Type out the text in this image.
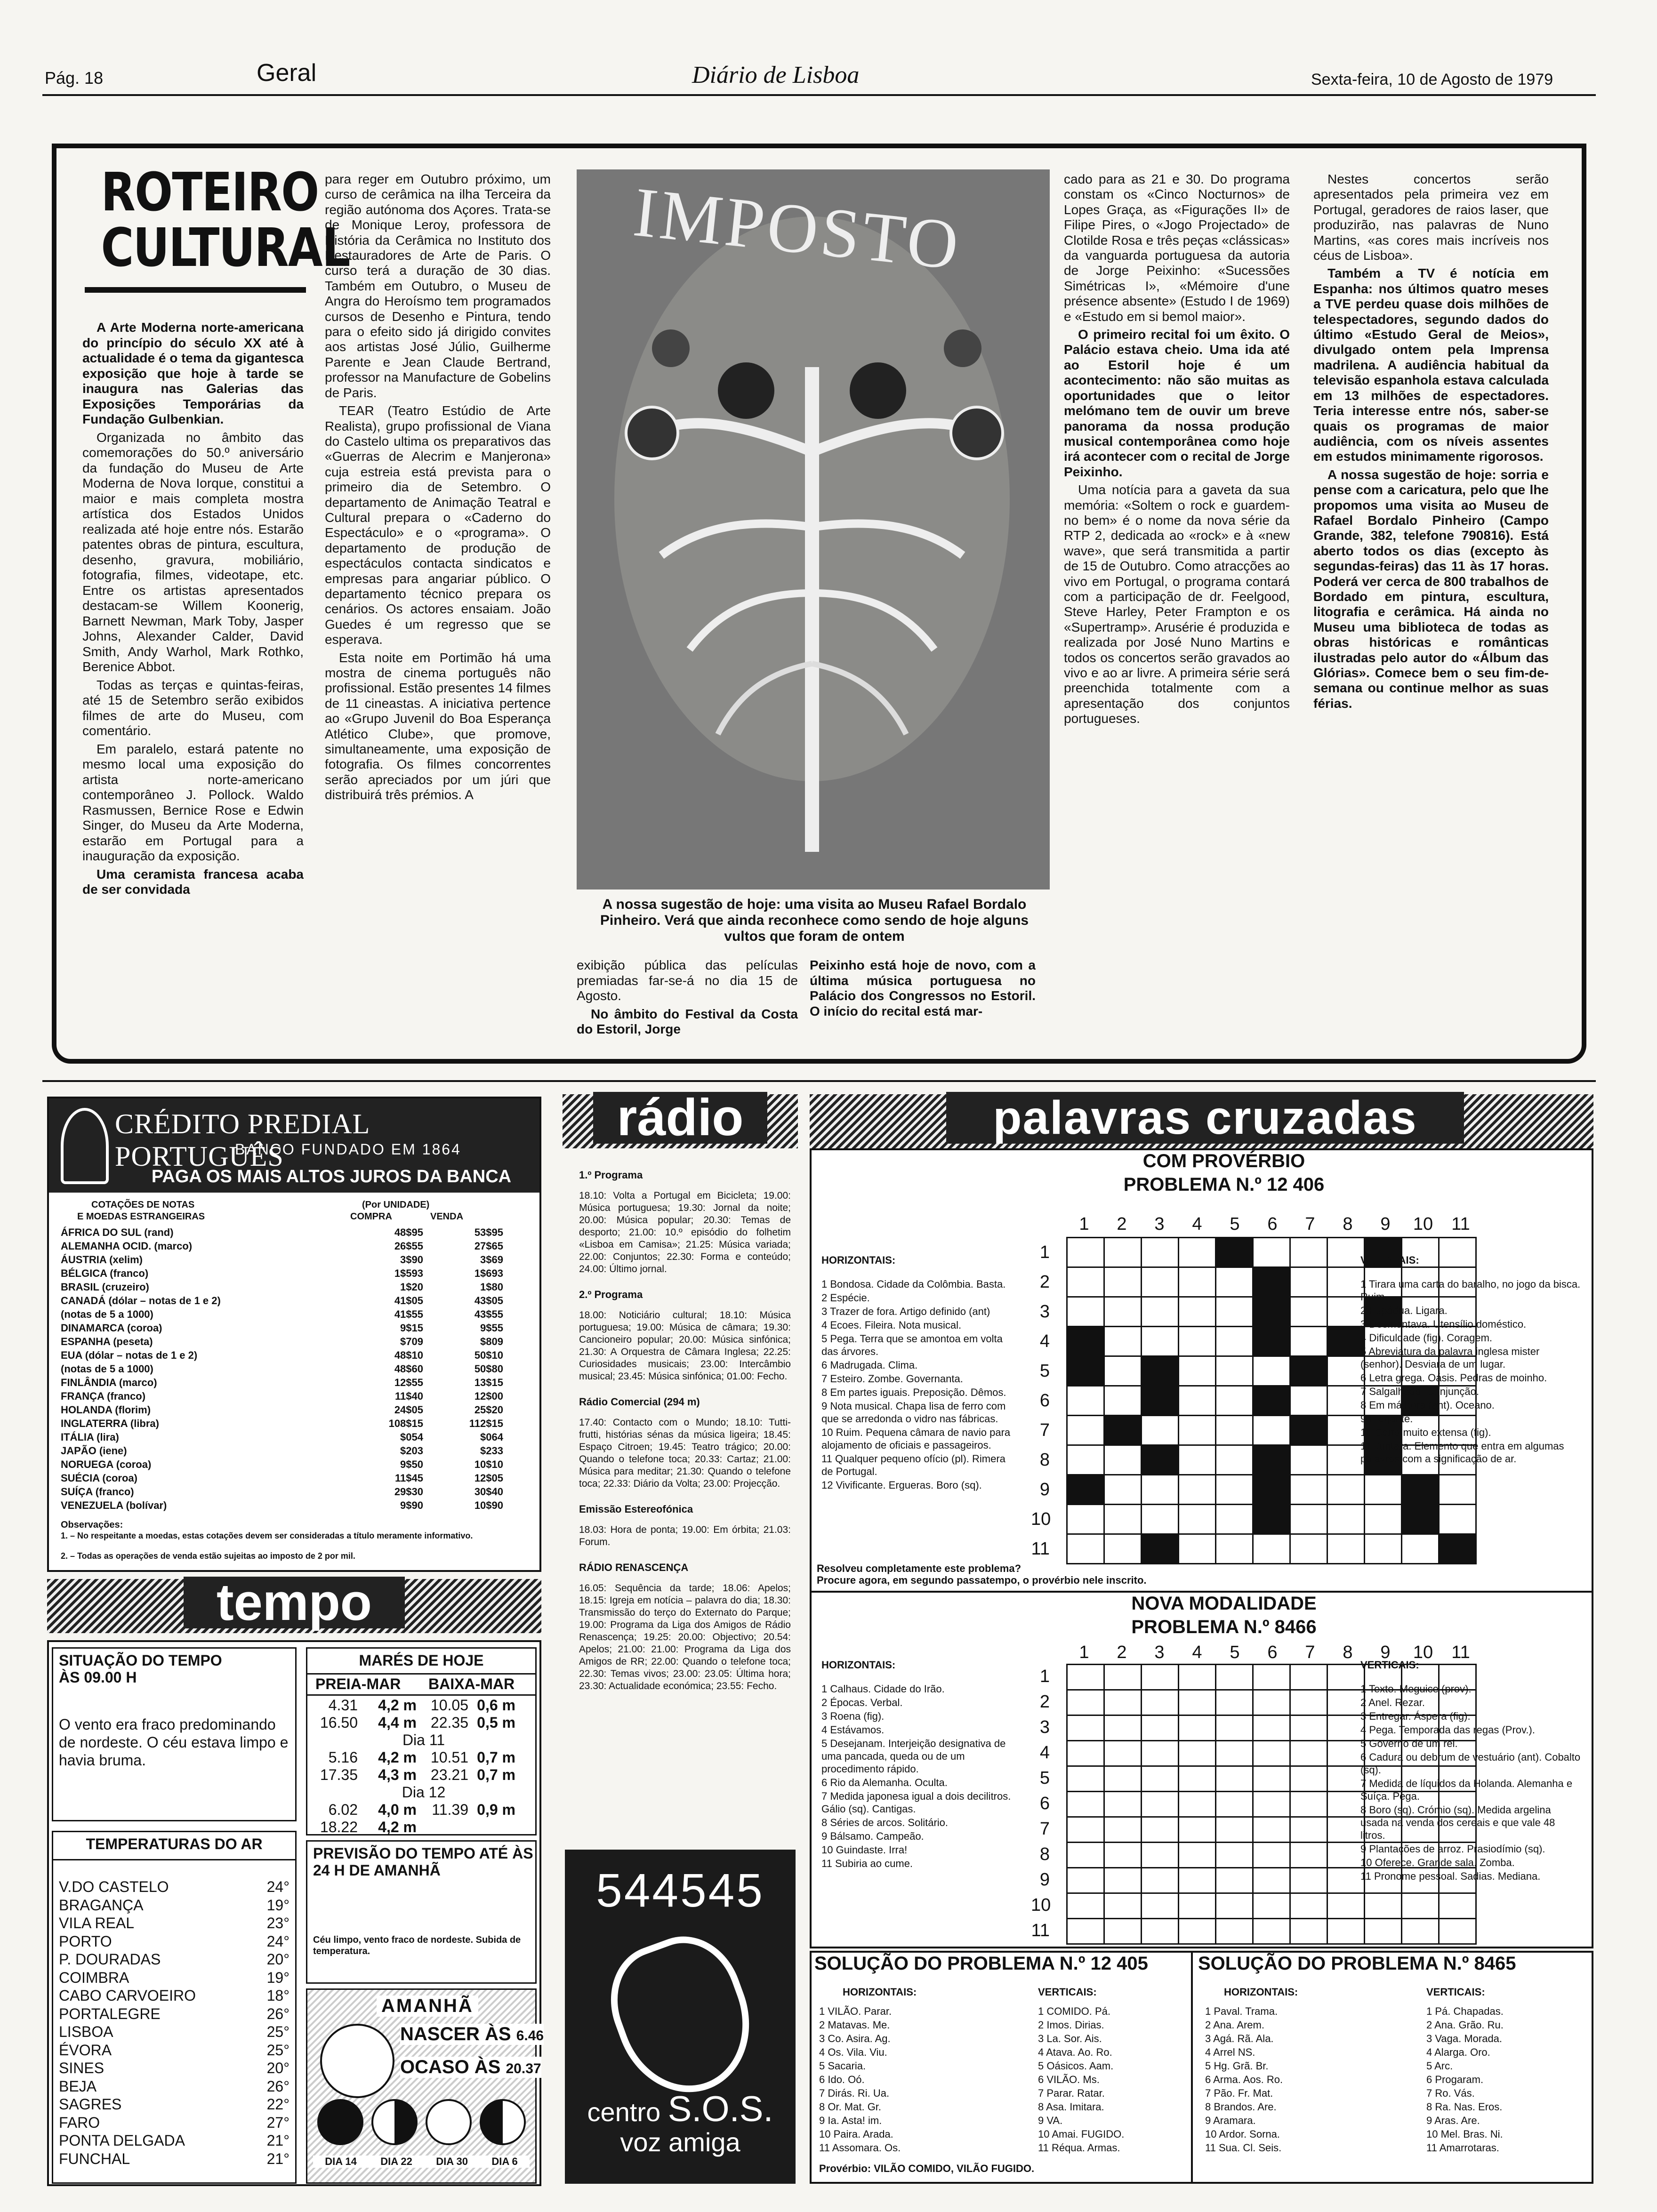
Pág. 18	Geral	Diário de Lisboa	Sexta-feira, 10 de Agosto de 1979
ROTEIRO
CULTURAL

A Arte Moderna norte-americana do princípio do século XX até à actualidade é o tema da gigantesca exposição que hoje à tarde se inaugura nas Galerias das Exposições Temporárias da Fundação Gulbenkian.

Organizada no âmbito das comemorações do 50.º aniversário da fundação do Museu de Arte Moderna de Nova Iorque, constitui a maior e mais completa mostra artística dos Estados Unidos realizada até hoje entre nós. Estarão patentes obras de pintura, escultura, desenho, gravura, mobiliário, fotografia, filmes, videotape, etc. Entre os artistas apresentados destacam-se Willem Koonerig, Barnett Newman, Mark Toby, Jasper Johns, Alexander Calder, David Smith, Andy Warhol, Mark Rothko, Berenice Abbot.

Todas as terças e quintas-feiras, até 15 de Setembro serão exibidos filmes de arte do Museu, com comentário.

Em paralelo, estará patente no mesmo local uma exposição do artista norte-americano contemporâneo J. Pollock. Waldo Rasmussen, Bernice Rose e Edwin Singer, do Museu da Arte Moderna, estarão em Portugal para a inauguração da exposição.

Uma ceramista francesa acaba de ser convidada

para reger em Outubro próximo, um curso de cerâmica na ilha Terceira da região autónoma dos Açores. Trata-se de Monique Leroy, professora de História da Cerâmica no Instituto dos Restauradores de Arte de Paris. O curso terá a duração de 30 dias. Também em Outubro, o Museu de Angra do Heroísmo tem programados cursos de Desenho e Pintura, tendo para o efeito sido já dirigido convites aos artistas José Júlio, Guilherme Parente e Jean Claude Bertrand, professor na Manufacture de Gobelins de Paris.

TEAR (Teatro Estúdio de Arte Realista), grupo profissional de Viana do Castelo ultima os preparativos das «Guerras de Alecrim e Manjerona» cuja estreia está prevista para o primeiro dia de Setembro. O departamento de Animação Teatral e Cultural prepara o «Caderno do Espectáculo» e o «programa». O departamento de produção de espectáculos contacta sindicatos e empresas para angariar público. O departamento técnico prepara os cenários. Os actores ensaiam. João Guedes é um regresso que se esperava.

Esta noite em Portimão há uma mostra de cinema português não profissional. Estão presentes 14 filmes de 11 cineastas. A iniciativa pertence ao «Grupo Juvenil do Boa Esperança Atlético Clube», que promove, simultaneamente, uma exposição de fotografia. Os filmes concorrentes serão apreciados por um júri que distribuirá três prémios. A

IMPOSTO
A nossa sugestão de hoje: uma visita ao Museu Rafael Bordalo Pinheiro. Verá que ainda reconhece como sendo de hoje alguns vultos que foram de ontem

exibição pública das películas premiadas far-se-á no dia 15 de Agosto.

No âmbito do Festival da Costa do Estoril, Jorge

Peixinho está hoje de novo, com a última música portuguesa no Palácio dos Congressos no Estoril. O início do recital está mar-

cado para as 21 e 30. Do programa constam os «Cinco Nocturnos» de Lopes Graça, as «Figurações II» de Filipe Pires, o «Jogo Projectado» de Clotilde Rosa e três peças «clássicas» da vanguarda portuguesa da autoria de Jorge Peixinho: «Sucessões Simétricas I», «Mémoire d'une présence absente» (Estudo I de 1969) e «Estudo em si bemol maior».

O primeiro recital foi um êxito. O Palácio estava cheio. Uma ida até ao Estoril hoje é um acontecimento: não são muitas as oportunidades que o leitor melómano tem de ouvir um breve panorama da nossa produção musical contemporânea como hoje irá acontecer com o recital de Jorge Peixinho.

Uma notícia para a gaveta da sua memória: «Soltem o rock e guardem-no bem» é o nome da nova série da RTP 2, dedicada ao «rock» e à «new wave», que será transmitida a partir de 15 de Outubro. Como atracções ao vivo em Portugal, o programa contará com a participação de dr. Feelgood, Steve Harley, Peter Frampton e os «Supertramp». Arusérie é produzida e realizada por José Nuno Martins e todos os concertos serão gravados ao vivo e ao ar livre. A primeira série será preenchida totalmente com a apresentação dos conjuntos portugueses.

Nestes concertos serão apresentados pela primeira vez em Portugal, geradores de raios laser, que produzirão, nas palavras de Nuno Martins, «as cores mais incríveis nos céus de Lisboa».

Também a TV é notícia em Espanha: nos últimos quatro meses a TVE perdeu quase dois milhões de telespectadores, segundo dados do último «Estudo Geral de Meios», divulgado ontem pela Imprensa madrilena. A audiência habitual da televisão espanhola estava calculada em 13 milhões de espectadores. Teria interesse entre nós, saber-se quais os programas de maior audiência, com os níveis assentes em estudos minimamente rigorosos.

A nossa sugestão de hoje: sorria e pense com a caricatura, pelo que lhe propomos uma visita ao Museu de Rafael Bordalo Pinheiro (Campo Grande, 382, telefone 790816). Está aberto todos os dias (excepto às segundas-feiras) das 11 às 17 horas. Poderá ver cerca de 800 trabalhos de Bordado em pintura, escultura, litografia e cerâmica. Há ainda no Museu uma biblioteca de todas as obras históricas e românticas ilustradas pelo autor do «Álbum das Glórias». Comece bem o seu fim-de-semana ou continue melhor as suas férias.

CRÉDITO PREDIAL PORTUGUÊS
BANCO FUNDADO EM 1864
PAGA OS MAIS ALTOS JUROS DA BANCA
COTAÇÕES DE NOTAS
E MOEDAS ESTRANGEIRAS
(Por UNIDADE)
COMPRA	VENDA
ÁFRICA DO SUL (rand)	48$95	53$95
ALEMANHA OCID. (marco)	26$55	27$65
ÁUSTRIA (xelim)	3$90	3$69
BÉLGICA (franco)	1$593	1$693
BRASIL (cruzeiro)	1$20	1$80
CANADÁ (dólar – notas de 1 e 2)	41$05	43$05
(notas de 5 a 1000)	41$55	43$55
DINAMARCA (coroa)	9$15	9$55
ESPANHA (peseta)	$709	$809
EUA (dólar – notas de 1 e 2)	48$10	50$10
(notas de 5 a 1000)	48$60	50$80
FINLÂNDIA (marco)	12$55	13$15
FRANÇA (franco)	11$40	12$00
HOLANDA (florim)	24$05	25$20
INGLATERRA (libra)	108$15	112$15
ITÁLIA (lira)	$054	$064
JAPÃO (iene)	$203	$233
NORUEGA (coroa)	9$50	10$10
SUÉCIA (coroa)	11$45	12$05
SUÍÇA (franco)	29$30	30$40
VENEZUELA (bolívar)	9$90	10$90
Observações:
1. – No respeitante a moedas, estas cotações devem ser consideradas a título meramente informativo.
2. – Todas as operações de venda estão sujeitas ao imposto de 2 por mil.
tempo
SITUAÇÃO DO TEMPO ÀS 09.00 H
O vento era fraco predominando de nordeste. O céu estava limpo e havia bruma.
TEMPERATURAS DO AR
V.DO CASTELO	24°
BRAGANÇA	19°
VILA REAL	23°
PORTO	24°
P. DOURADAS	20°
COIMBRA	19°
CABO CARVOEIRO	18°
PORTALEGRE	26°
LISBOA	25°
ÉVORA	25°
SINES	20°
BEJA	26°
SAGRES	22°
FARO	27°
PONTA DELGADA	21°
FUNCHAL	21°
MARÉS DE HOJE
PREIA-MAR BAIXA-MAR
4.31	4,2 m 10.05 0,6 m
16.50	4,4 m 22.35 0,5 m
Dia 11
5.16	4,2 m 10.51 0,7 m
17.35	4,3 m 23.21 0,7 m
Dia 12
6.02	4,0 m	11.39 0,9 m
18.22	4,2 m
PREVISÃO DO TEMPO ATÉ ÀS 24 H DE AMANHÃ
Céu limpo, vento fraco de nordeste. Subida de temperatura.
AMANHÃ
NASCER ÀS 6.46
OCASO ÀS 20.37
DIA 14 DIA 22 DIA 30 DIA 6
rádio
1.º Programa
18.10: Volta a Portugal em Bicicleta; 19.00: Música portuguesa; 19.30: Jornal da noite; 20.00: Música popular; 20.30: Temas de desporto; 21.00: 10.º episódio do folhetim «Lisboa em Camisa»; 21.25: Música variada; 22.00: Conjuntos; 22.30: Forma e conteúdo; 24.00: Último jornal.
2.º Programa
18.00: Noticiário cultural; 18.10: Música portuguesa; 19.00: Música de câmara; 19.30: Cancioneiro popular; 20.00: Música sinfónica; 21.30: A Orquestra de Câmara Inglesa; 22.25: Curiosidades musicais; 23.00: Intercâmbio musical; 23.45: Música sinfónica; 01.00: Fecho.
Rádio Comercial (294 m)
17.40: Contacto com o Mundo; 18.10: Tutti-frutti, histórias sénas da música ligeira; 18.45: Espaço Citroen; 19.45: Teatro trágico; 20.00: Quando o telefone toca; 20.33: Cartaz; 21.00: Música para meditar; 21.30: Quando o telefone toca; 22.33: Diário da Volta; 23.00: Projecção.
Emissão Estereofónica
18.03: Hora de ponta; 19.00: Em órbita; 21.03: Forum.
RÁDIO RENASCENÇA
16.05: Sequência da tarde; 18.06: Apelos; 18.15: Igreja em notícia – palavra do dia; 18.30: Transmissão do terço do Externato do Parque; 19.00: Programa da Liga dos Amigos de Rádio Renascença; 19.25: 20.00: Objectivo; 20.54: Apelos; 21.00: 21.00: Programa da Liga dos Amigos de RR; 22.00: Quando o telefone toca; 22.30: Temas vivos; 23.00: 23.05: Última hora; 23.30: Actualidade económica; 23.55: Fecho.
544545
centro S.O.S.
voz amiga
palavras cruzadas
COM PROVÉRBIO
PROBLEMA N.º 12 406
1	2	3	4	5	6	7	8	9	10	11
1
2
3
4
5
6
7
8
9
10
11

HORIZONTAIS:
1 Bondosa. Cidade da Colômbia. Basta.
2 Espécie.
3 Trazer de fora. Artigo definido (ant)
4 Ecoes. Fileira. Nota musical.
5 Pega. Terra que se amontoa em volta das árvores.
6 Madrugada. Clima.
7 Esteiro. Zombe. Governanta.
8 Em partes iguais. Preposição. Dêmos.
9 Nota musical. Chapa lisa de ferro com que se arredonda o vidro nas fábricas.
10 Ruim. Pequena câmara de navio para alojamento de oficiais e passageiros.
11 Qualquer pequeno ofício (pl). Rimera de Portugal.
12 Vivificante. Ergueras. Boro (sq).
VERTICAIS:
1 Tirara uma carta do baralho, no jogo da bisca. Ruim.
2 Espádua. Ligara.
3 Desmontava. Utensílio doméstico.
4 Dificuldade (fig). Coragem.
5 Abreviatura da palavra inglesa mister (senhor). Desviara de um lugar.
6 Letra grega. Oásis. Pedras de moinho.
7 Salgalhada. Conjunção.
8 Em má hora (ant). Oceano.
9 Elegante.
10 Carta muito extensa (fig).
11 Juntara. Elemento que entra em algumas palavras com a significação de ar.
Resolveu completamente este problema?
Procure agora, em segundo passatempo, o provérbio nele inscrito.
NOVA MODALIDADE
PROBLEMA N.º 8466
1	2	3	4	5	6	7	8	9	10	11
1
2
3
4
5
6
7
8
9
10
11

HORIZONTAIS:
1 Calhaus. Cidade do Irão.
2 Épocas. Verbal.
3 Roena (fig).
4 Estávamos.
5 Desejanam. Interjeição designativa de uma pancada, queda ou de um procedimento rápido.
6 Rio da Alemanha. Oculta.
7 Medida japonesa igual a dois decilitros. Gálio (sq). Cantigas.
8 Séries de arcos. Solitário.
9 Bálsamo. Campeão.
10 Guindaste. Irra!
11 Subiria ao cume.
VERTICAIS:
1 Texto. Meguice (prov).
2 Anel. Rezar.
3 Entregar. Áspera (fig).
4 Pega. Temporada das regas (Prov.).
5 Governo de um rei.
6 Cadura ou debrum de vestuário (ant). Cobalto (sq).
7 Medida de líquidos da Holanda. Alemanha e Suíça. Pega.
8 Boro (sq). Crómio (sq). Medida argelina usada na venda dos cereais e que vale 48 litros.
9 Plantações de arroz. Prasiodímio (sq).
10 Oferece. Grande sala. Zomba.
11 Pronome pessoal. Sadias. Mediana.
SOLUÇÃO DO PROBLEMA N.º 12 405
HORIZONTAIS:
1 VILÃO. Parar.
2 Matavas. Me.
3 Co. Asira. Ag.
4 Os. Vila. Viu.
5 Sacaria.
6 Ido. Oó.
7 Dirás. Ri. Ua.
8 Or. Mat. Gr.
9 Ia. Asta! im.
10 Paira. Arada.
11 Assomara. Os.
VERTICAIS:
1 COMIDO. Pá.
2 Imos. Dirias.
3 La. Sor. Ais.
4 Atava. Ao. Ro.
5 Oásicos. Aam.
6 VILÃO. Ms.
7 Parar. Ratar.
8 Asa. Imitara.
9 VA.
10 Amai. FUGIDO.
11 Réqua. Armas.
Provérbio: VILÃO COMIDO, VILÃO FUGIDO.
SOLUÇÃO DO PROBLEMA N.º 8465
HORIZONTAIS:
1 Paval. Trama.
2 Ana. Arem.
3 Agá. Rã. Ala.
4 Arrel NS.
5 Hg. Grã. Br.
6 Arma. Aos. Ro.
7 Pão. Fr. Mat.
8 Brandos. Are.
9 Aramara.
10 Ardor. Sorna.
11 Sua. Cl. Seis.
VERTICAIS:
1 Pá. Chapadas.
2 Ana. Grão. Ru.
3 Vaga. Morada.
4 Alarga. Oro.
5 Arc.
6 Progaram.
7 Ro. Vás.
8 Ra. Nas. Eros.
9 Aras. Are.
10 Mel. Bras. Ni.
11 Amarrotaras.
